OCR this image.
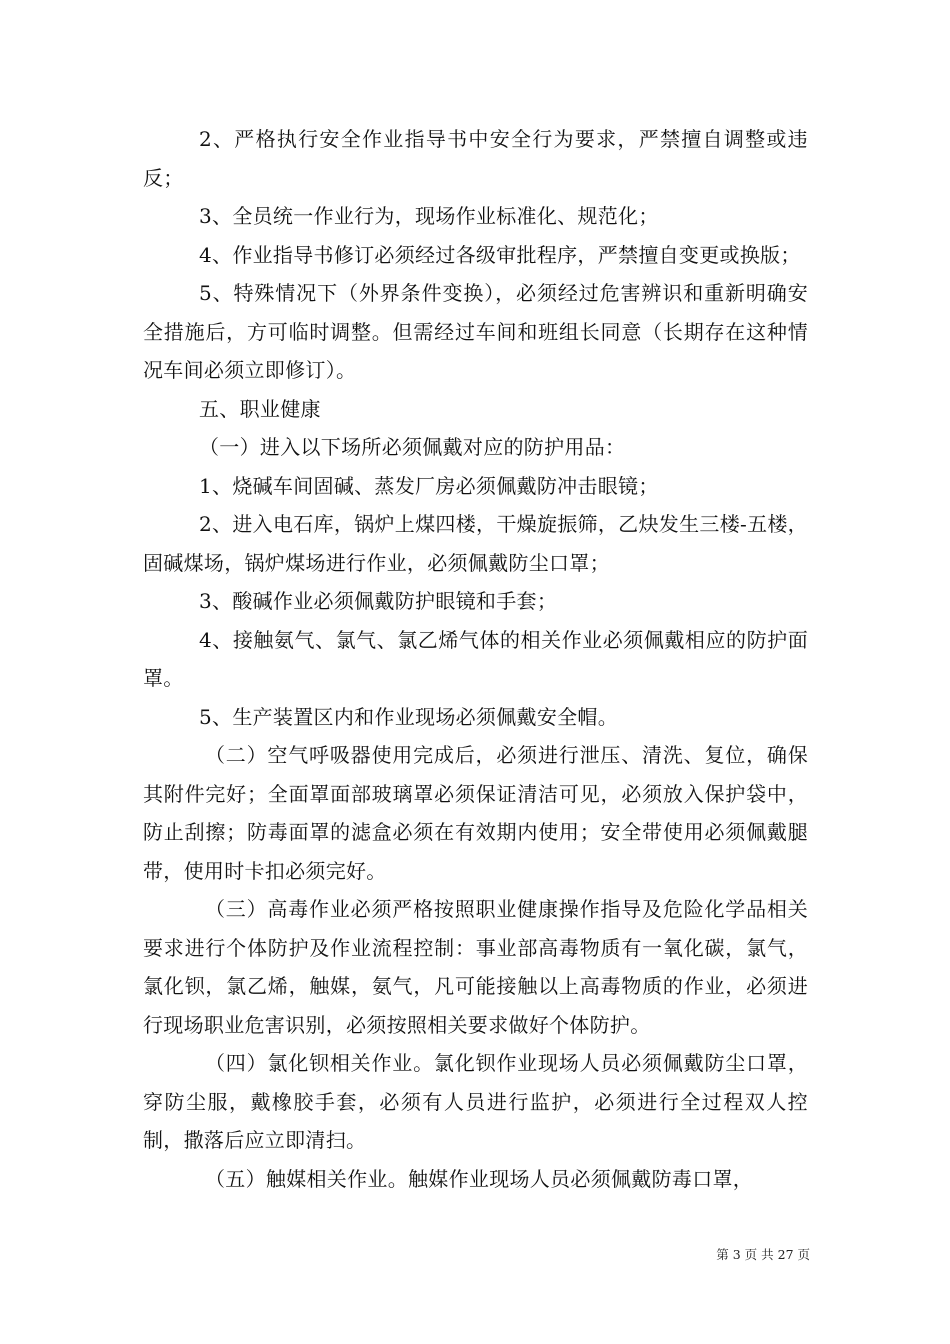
2、严格执行安全作业指导书中安全行为要求，严禁擅自调整或违反；

3、全员统一作业行为，现场作业标准化、规范化；

4、作业指导书修订必须经过各级审批程序，严禁擅自变更或换版；

5、特殊情况下（外界条件变换），必须经过危害辨识和重新明确安全措施后，方可临时调整。但需经过车间和班组长同意（长期存在这种情况车间必须立即修订）。

五、职业健康

（一）进入以下场所必须佩戴对应的防护用品：

1、烧碱车间固碱、蒸发厂房必须佩戴防冲击眼镜；

2、进入电石库，锅炉上煤四楼，干燥旋振筛，乙炔发生三楼-五楼，固碱煤场，锅炉煤场进行作业，必须佩戴防尘口罩；

3、酸碱作业必须佩戴防护眼镜和手套；

4、接触氨气、氯气、氯乙烯气体的相关作业必须佩戴相应的防护面罩。

5、生产装置区内和作业现场必须佩戴安全帽。

（二）空气呼吸器使用完成后，必须进行泄压、清洗、复位，确保其附件完好；全面罩面部玻璃罩必须保证清洁可见，必须放入保护袋中，防止刮擦；防毒面罩的滤盒必须在有效期内使用；安全带使用必须佩戴腿带，使用时卡扣必须完好。

（三）高毒作业必须严格按照职业健康操作指导及危险化学品相关要求进行个体防护及作业流程控制：事业部高毒物质有一氧化碳，氯气，氯化钡，氯乙烯，触媒，氨气，凡可能接触以上高毒物质的作业，必须进行现场职业危害识别，必须按照相关要求做好个体防护。

（四）氯化钡相关作业。氯化钡作业现场人员必须佩戴防尘口罩，穿防尘服，戴橡胶手套，必须有人员进行监护，必须进行全过程双人控制，撒落后应立即清扫。

（五）触媒相关作业。触媒作业现场人员必须佩戴防毒口罩，

第 3 页 共 27 页
